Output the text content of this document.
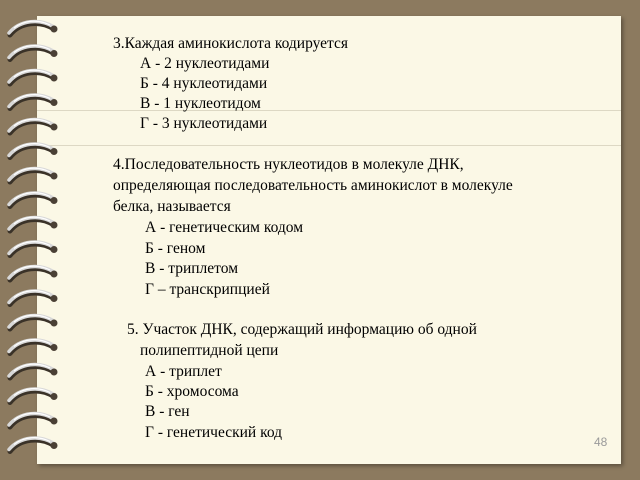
3.Каждая аминокислота кодируется
А - 2 нуклеотидами
Б - 4 нуклеотидами
В - 1 нуклеотидом
Г - 3 нуклеотидами
4.Последовательность нуклеотидов в молекуле ДНК,
определяющая последовательность аминокислот в молекуле
белка, называется
А - генетическим кодом
Б - геном
В - триплетом
Г – транскрипцией
5. Участок ДНК, содержащий информацию об одной
полипептидной цепи
А - триплет
Б - хромосома
В - ген
Г - генетический код
48
